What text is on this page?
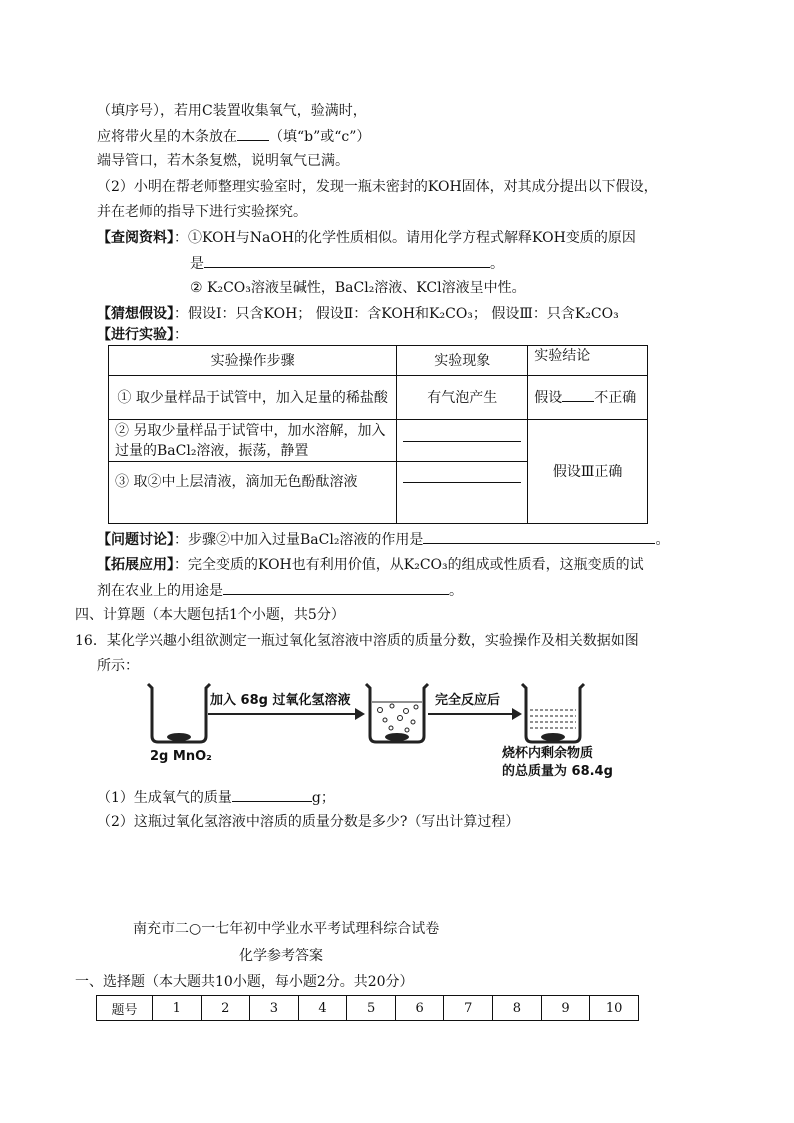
（填序号），若用C装置收集氧气，验满时，
应将带火星的木条放在 （填“b”或“c”）
端导管口，若木条复燃，说明氧气已满。
（2）小明在帮老师整理实验室时，发现一瓶未密封的KOH固体，对其成分提出以下假设，
并在老师的指导下进行实验探究。
【查阅资料】：①KOH与NaOH的化学性质相似。请用化学方程式解释KOH变质的原因
是	。
② K₂CO₃溶液呈碱性，BaCl₂溶液、KCl溶液呈中性。
【猜想假设】：假设Ⅰ：只含KOH； 假设Ⅱ：含KOH和K₂CO₃； 假设Ⅲ：只含K₂CO₃
【进行实验】：
实验操作步骤	实验现象	实验结论
① 取少量样品于试管中，加入足量的稀盐酸	有气泡产生	假设 不正确
② 另取少量样品于试管中，加水溶解，加入过量的BaCl₂溶液，振荡，静置		假设Ⅲ正确
③ 取②中上层清液，滴加无色酚酞溶液		
【问题讨论】：步骤②中加入过量BaCl₂溶液的作用是	。
【拓展应用】：完全变质的KOH也有利用价值，从K₂CO₃的组成或性质看，这瓶变质的试
剂在农业上的用途是	。
四、计算题（本大题包括1个小题，共5分）
16．某化学兴趣小组欲测定一瓶过氧化氢溶液中溶质的质量分数，实验操作及相关数据如图
所示：
2g MnO₂
加入 68g 过氧化氢溶液	完全反应后
烧杯内剩余物质
的总质量为 68.4g
（1）生成氧气的质量	g；
（2）这瓶过氧化氢溶液中溶质的质量分数是多少?（写出计算过程）
南充市二○一七年初中学业水平考试理科综合试卷
化学参考答案
一、选择题（本大题共10小题，每小题2分。共20分）
题号	1	2	3	4	5	6	7	8	9	10
